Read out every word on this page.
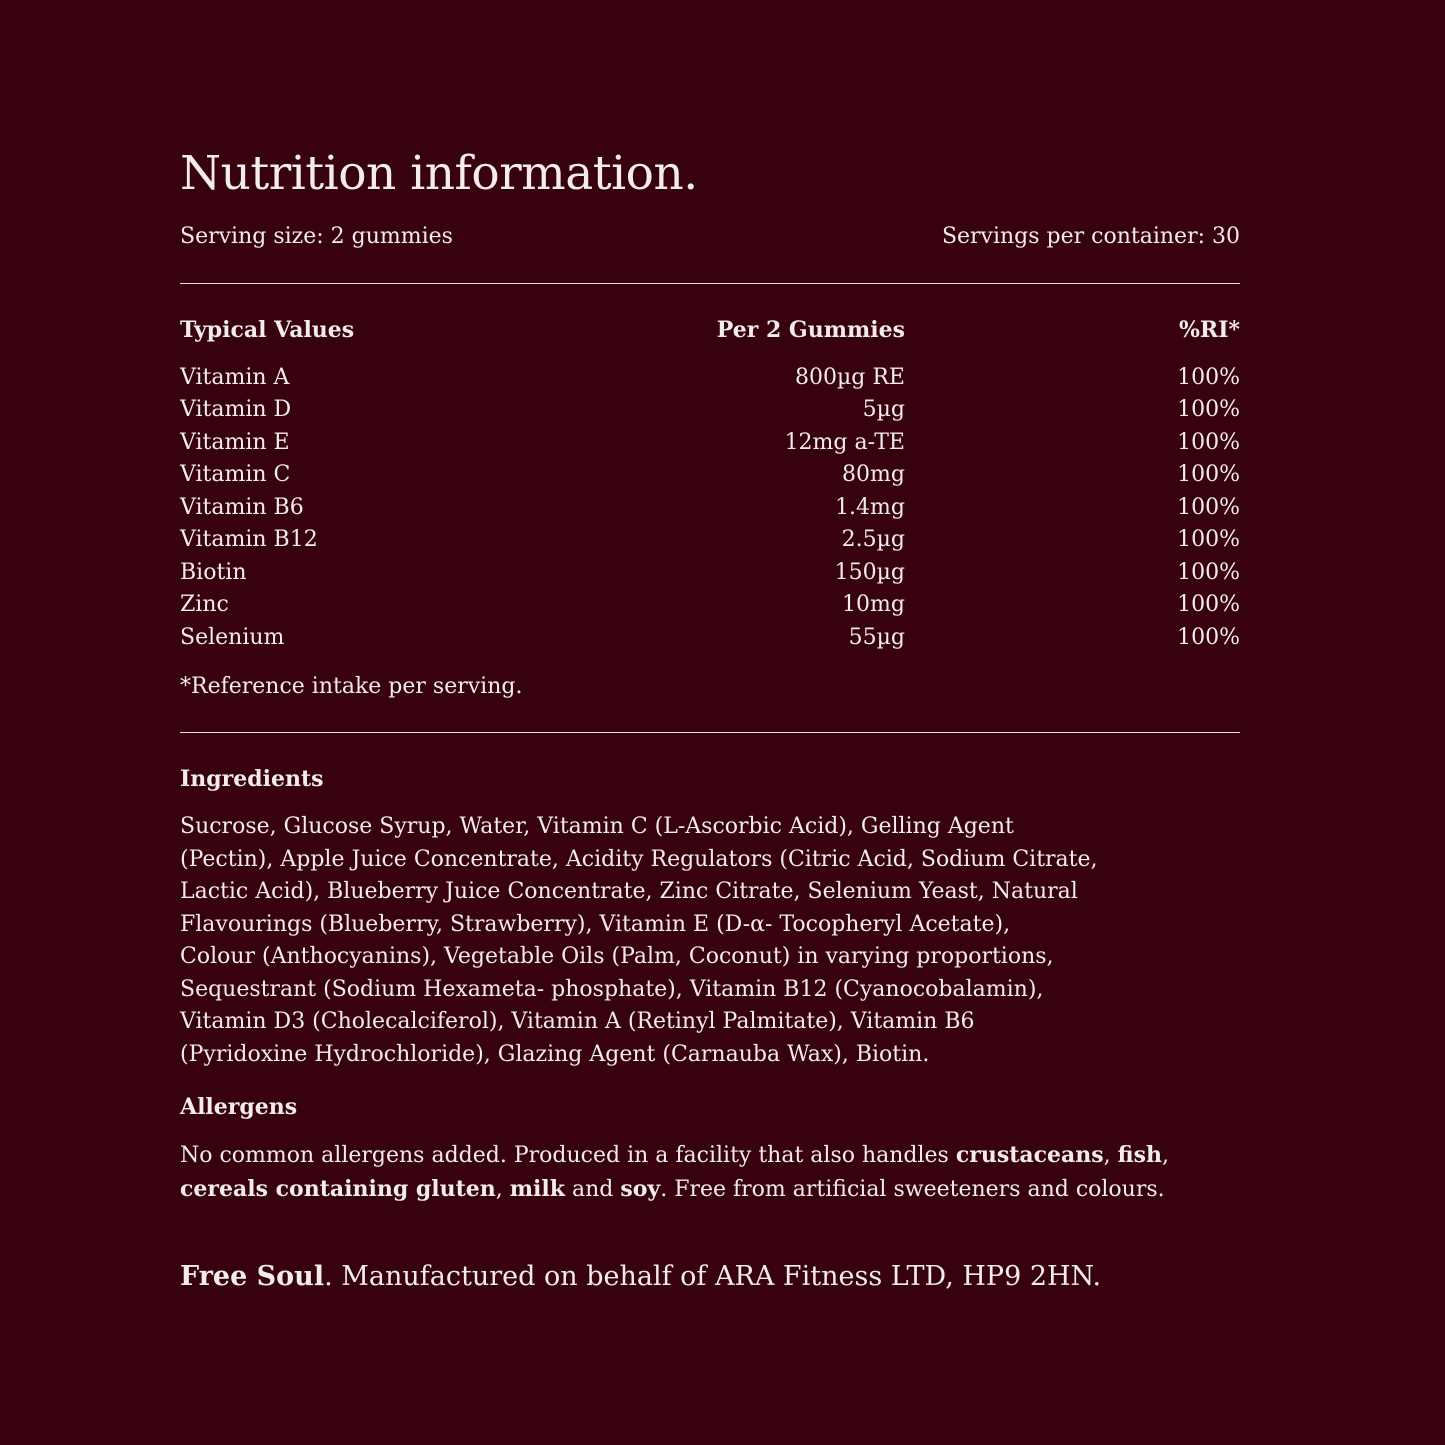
Nutrition information.
Serving size: 2 gummies	Servings per container: 30
Typical Values	Per 2 Gummies	%RI*
Vitamin A	800µg RE	100%
Vitamin D	5µg	100%
Vitamin E	12mg a-TE	100%
Vitamin C	80mg	100%
Vitamin B6	1.4mg	100%
Vitamin B12	2.5µg	100%
Biotin	150µg	100%
Zinc	10mg	100%
Selenium	55µg	100%
*Reference intake per serving.
Ingredients
Sucrose, Glucose Syrup, Water, Vitamin C (L-Ascorbic Acid), Gelling Agent
(Pectin), Apple Juice Concentrate, Acidity Regulators (Citric Acid, Sodium Citrate,
Lactic Acid), Blueberry Juice Concentrate, Zinc Citrate, Selenium Yeast, Natural
Flavourings (Blueberry, Strawberry), Vitamin E (D-α- Tocopheryl Acetate),
Colour (Anthocyanins), Vegetable Oils (Palm, Coconut) in varying proportions,
Sequestrant (Sodium Hexameta- phosphate), Vitamin B12 (Cyanocobalamin),
Vitamin D3 (Cholecalciferol), Vitamin A (Retinyl Palmitate), Vitamin B6
(Pyridoxine Hydrochloride), Glazing Agent (Carnauba Wax), Biotin.
Allergens
No common allergens added. Produced in a facility that also handles crustaceans, fish,
cereals containing gluten, milk and soy. Free from artificial sweeteners and colours.
Free Soul. Manufactured on behalf of ARA Fitness LTD, HP9 2HN.
